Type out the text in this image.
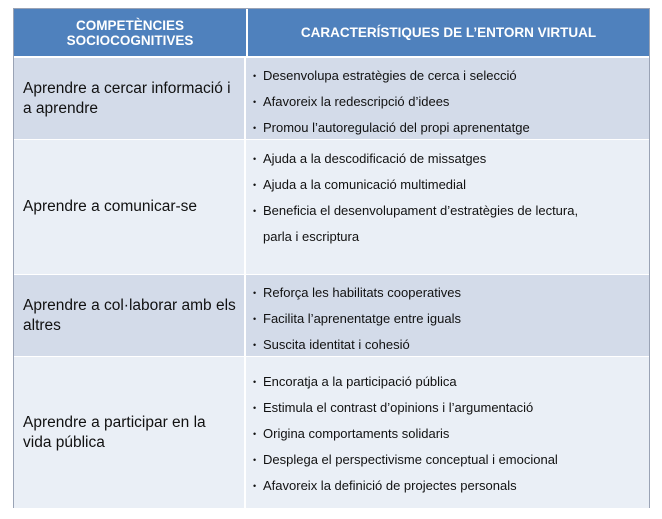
COMPETÈNCIES SOCIOCOGNITIVES	CARACTERÍSTIQUES DE L’ENTORN VIRTUAL
Aprendre a cercar informació i a aprendre
• Desenvolupa estratègies de cerca i selecció
• Afavoreix la redescripció d’idees
• Promou l’autoregulació del propi aprenentatge
Aprendre a comunicar-se
• Ajuda a la descodificació de missatges
• Ajuda a la comunicació multimedial
• Beneficia el desenvolupament d’estratègies de lectura,
parla i escriptura
Aprendre a col·laborar amb els altres
• Reforça les habilitats cooperatives
• Facilita l’aprenentatge entre iguals
• Suscita identitat i cohesió
Aprendre a participar en la vida pública
• Encoratja a la participació pública
• Estimula el contrast d’opinions i l’argumentació
• Origina comportaments solidaris
• Desplega el perspectivisme conceptual i emocional
• Afavoreix la definició de projectes personals
